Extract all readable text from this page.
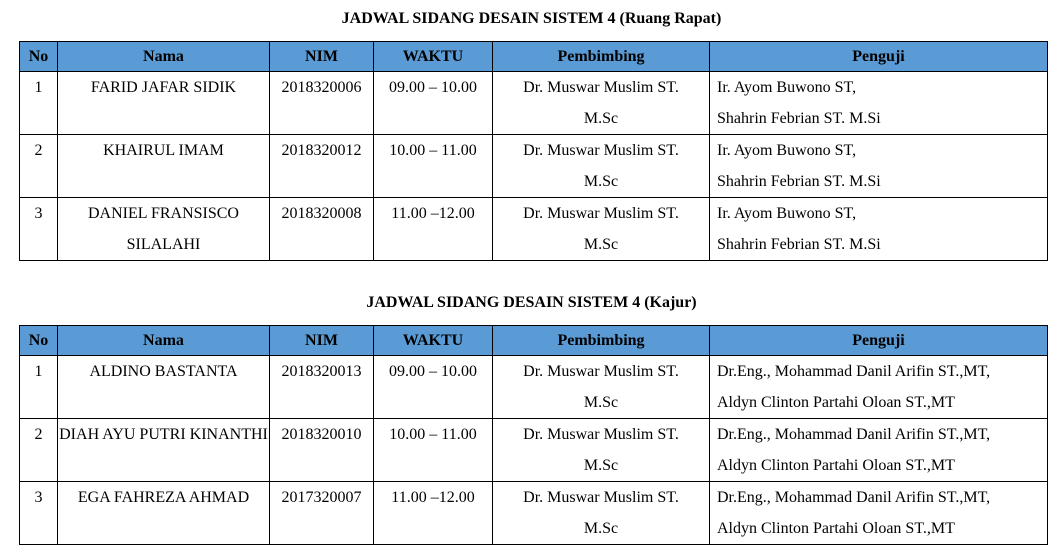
JADWAL SIDANG DESAIN SISTEM 4 (Ruang Rapat)
No	Nama	NIM	WAKTU	Pembimbing	Penguji
1	FARID JAFAR SIDIK	2018320006	09.00 – 10.00	Dr. Muswar Muslim ST.
M.Sc	Ir. Ayom Buwono ST,
Shahrin Febrian ST. M.Si

2	KHAIRUL IMAM	2018320012	10.00 – 11.00	Dr. Muswar Muslim ST.
M.Sc	Ir. Ayom Buwono ST,
Shahrin Febrian ST. M.Si

3	DANIEL FRANSISCO SILALAHI	2018320008	11.00 –12.00	Dr. Muswar Muslim ST.
M.Sc	Ir. Ayom Buwono ST,
Shahrin Febrian ST. M.Si
JADWAL SIDANG DESAIN SISTEM 4 (Kajur)
No	Nama	NIM	WAKTU	Pembimbing	Penguji
1	ALDINO BASTANTA	2018320013	09.00 – 10.00	Dr. Muswar Muslim ST.
M.Sc	Dr.Eng., Mohammad Danil Arifin ST.,MT,
Aldyn Clinton Partahi Oloan ST.,MT

2	DIAH AYU PUTRI KINANTHI	2018320010	10.00 – 11.00	Dr. Muswar Muslim ST.
M.Sc	Dr.Eng., Mohammad Danil Arifin ST.,MT,
Aldyn Clinton Partahi Oloan ST.,MT

3	EGA FAHREZA AHMAD	2017320007	11.00 –12.00	Dr. Muswar Muslim ST.
M.Sc	Dr.Eng., Mohammad Danil Arifin ST.,MT,
Aldyn Clinton Partahi Oloan ST.,MT
